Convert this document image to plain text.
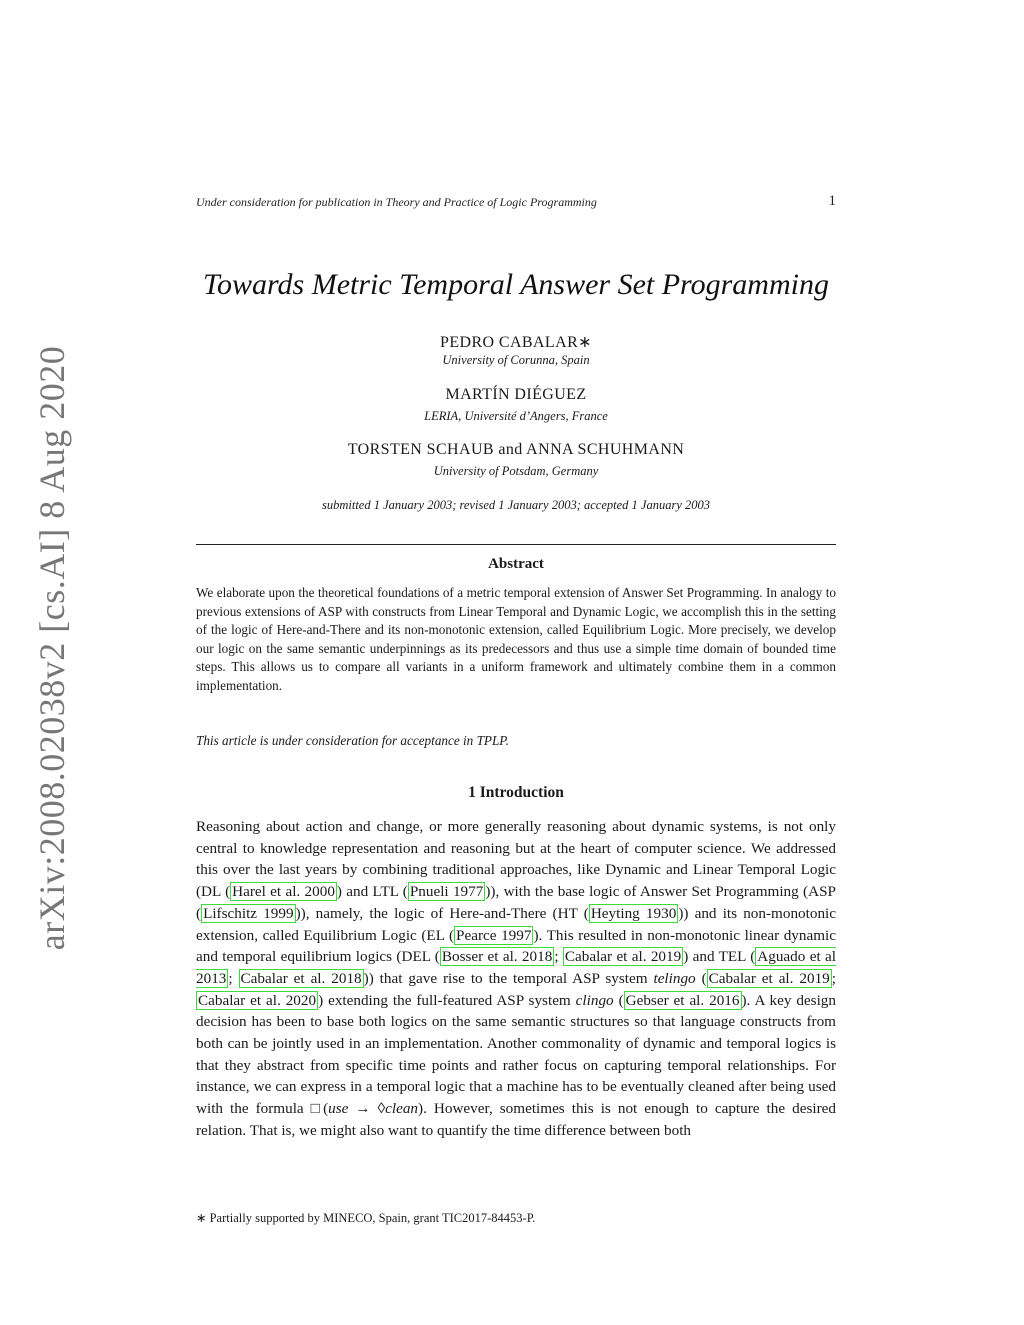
arXiv:2008.02038v2 [cs.AI] 8 Aug 2020
Under consideration for publication in Theory and Practice of Logic Programming	1
Towards Metric Temporal Answer Set Programming
PEDRO CABALAR∗
University of Corunna, Spain
MARTÍN DIÉGUEZ
LERIA, Université d’Angers, France
TORSTEN SCHAUB and ANNA SCHUHMANN
University of Potsdam, Germany
submitted 1 January 2003; revised 1 January 2003; accepted 1 January 2003
Abstract
We elaborate upon the theoretical foundations of a metric temporal extension of Answer Set Programming. In analogy to previous extensions of ASP with constructs from Linear Temporal and Dynamic Logic, we accomplish this in the setting of the logic of Here-and-There and its non-monotonic extension, called Equilibrium Logic. More precisely, we develop our logic on the same semantic underpinnings as its predecessors and thus use a simple time domain of bounded time steps. This allows us to compare all variants in a uniform framework and ultimately combine them in a common implementation.
This article is under consideration for acceptance in TPLP.
1 Introduction
Reasoning about action and change, or more generally reasoning about dynamic systems, is not only central to knowledge representation and reasoning but at the heart of computer science. We addressed this over the last years by combining traditional approaches, like Dynamic and Linear Temporal Logic (DL ( Harel et al. 2000 ) and LTL ( Pnueli 1977 )), with the base logic of Answer Set Programming (ASP ( Lifschitz 1999 )), namely, the logic of Here-and-There (HT ( Heyting 1930 )) and its non-monotonic extension, called Equilibrium Logic (EL ( Pearce 1997 ). This resulted in non-monotonic linear dynamic and temporal equilibrium logics (DEL ( Bosser et al. 2018 ; Cabalar et al. 2019 ) and TEL ( Aguado et al 2013 ; Cabalar et al. 2018 )) that gave rise to the temporal ASP system telingo ( Cabalar et al. 2019 ; Cabalar et al. 2020 ) extending the full-featured ASP system clingo ( Gebser et al. 2016 ). A key design decision has been to base both logics on the same semantic structures so that language constructs from both can be jointly used in an implementation. Another commonality of dynamic and temporal logics is that they abstract from specific time points and rather focus on capturing temporal relationships. For instance, we can express in a temporal logic that a machine has to be eventually cleaned after being used with the formula □(use → ◊clean). However, sometimes this is not enough to capture the desired relation. That is, we might also want to quantify the time difference between both
∗ Partially supported by MINECO, Spain, grant TIC2017-84453-P.
